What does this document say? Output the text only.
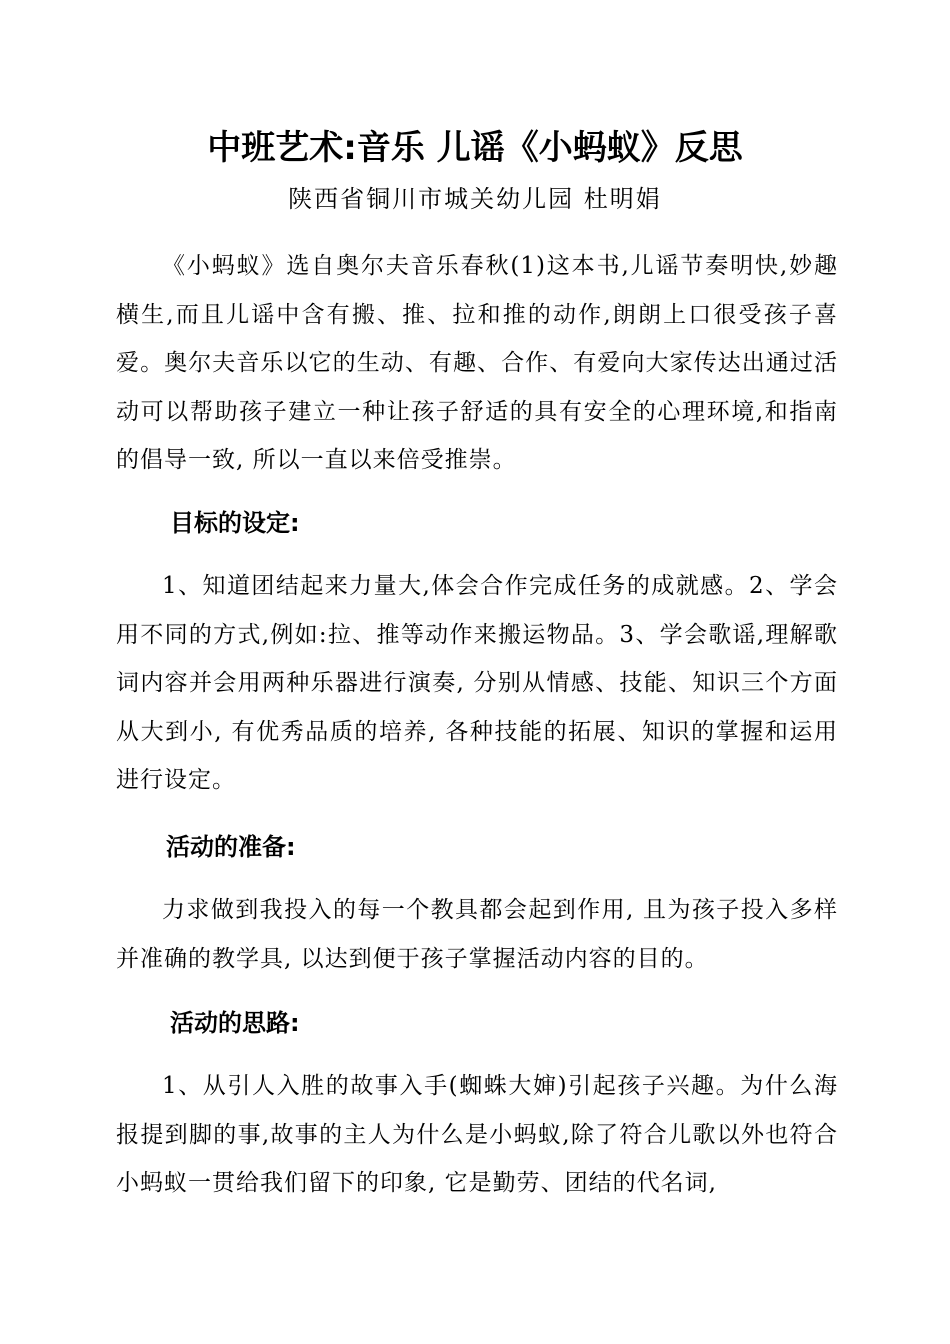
中班艺术:音乐 儿谣《小蚂蚁》反思
陕西省铜川市城关幼儿园 杜明娟
《小蚂蚁》选自奥尔夫音乐春秋(1)这本书,儿谣节奏明快,妙趣横生,而且儿谣中含有搬、推、拉和推的动作,朗朗上口很受孩子喜爱。奥尔夫音乐以它的生动、有趣、合作、有爱向大家传达出通过活动可以帮助孩子建立一种让孩子舒适的具有安全的心理环境,和指南的倡导一致, 所以一直以来倍受推崇。
目标的设定:
1、知道团结起来力量大,体会合作完成任务的成就感。2、学会用不同的方式,例如:拉、推等动作来搬运物品。3、学会歌谣,理解歌词内容并会用两种乐器进行演奏, 分别从情感、技能、知识三个方面从大到小, 有优秀品质的培养, 各种技能的拓展、知识的掌握和运用进行设定。
活动的准备:
力求做到我投入的每一个教具都会起到作用, 且为孩子投入多样并准确的教学具, 以达到便于孩子掌握活动内容的目的。
活动的思路:
1、从引人入胜的故事入手(蜘蛛大婶)引起孩子兴趣。为什么海报提到脚的事,故事的主人为什么是小蚂蚁,除了符合儿歌以外也符合小蚂蚁一贯给我们留下的印象, 它是勤劳、团结的代名词,
